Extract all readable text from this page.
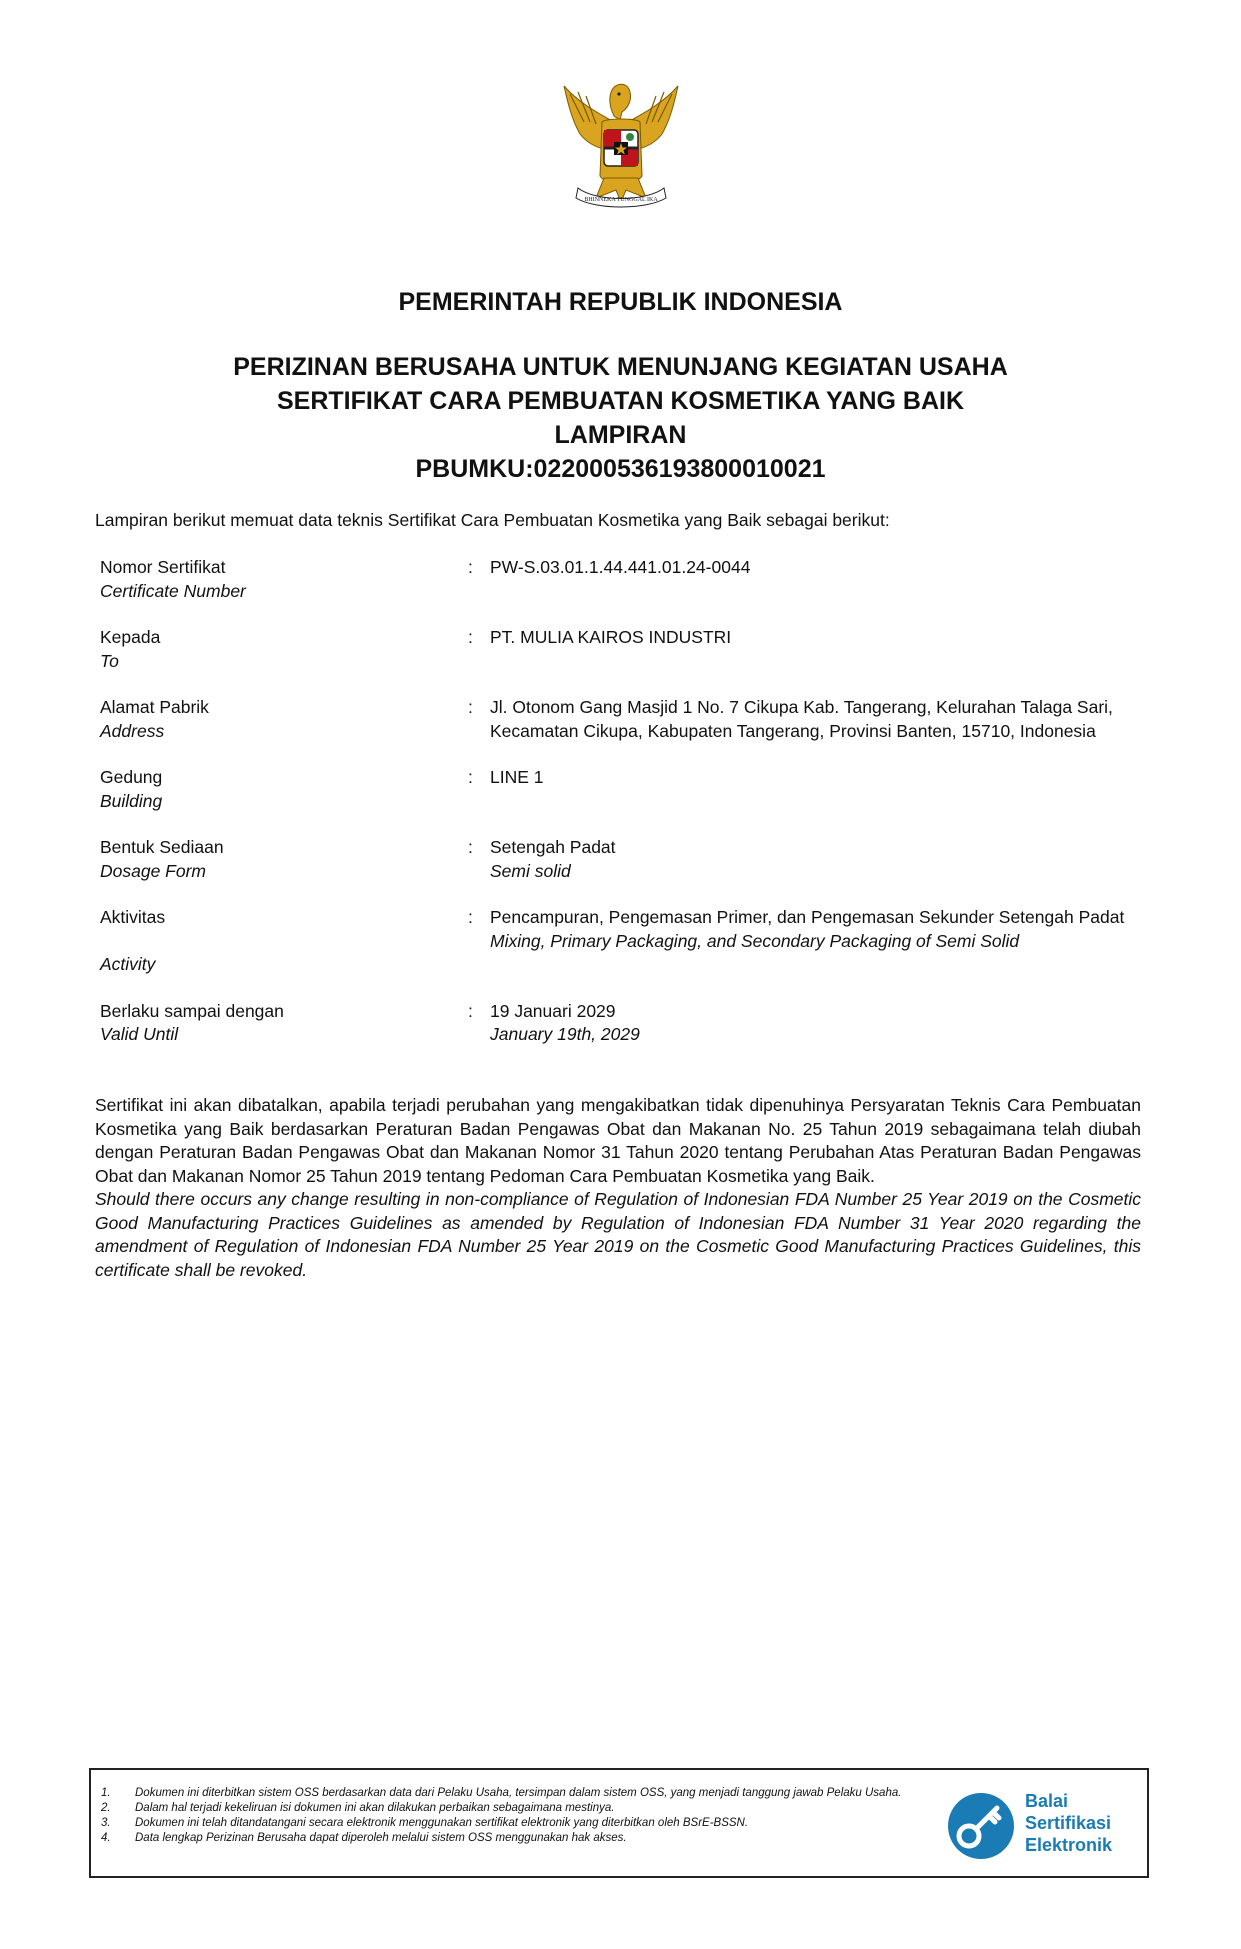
BHINNEKA TUNGGAL IKA
PEMERINTAH REPUBLIK INDONESIA
PERIZINAN BERUSAHA UNTUK MENUNJANG KEGIATAN USAHA
SERTIFIKAT CARA PEMBUATAN KOSMETIKA YANG BAIK
LAMPIRAN
PBUMKU:022000536193800010021
Lampiran berikut memuat data teknis Sertifikat Cara Pembuatan Kosmetika yang Baik sebagai berikut:
Nomor Sertifikat
Certificate Number
: PW-S.03.01.1.44.441.01.24-0044
Kepada
To
: PT. MULIA KAIROS INDUSTRI
Alamat Pabrik
Address
: Jl. Otonom Gang Masjid 1 No. 7 Cikupa Kab. Tangerang, Kelurahan Talaga Sari, Kecamatan Cikupa, Kabupaten Tangerang, Provinsi Banten, 15710, Indonesia
Gedung
Building
: LINE 1
Bentuk Sediaan
Dosage Form
: Setengah Padat
Semi solid
Aktivitas
Activity
: Pencampuran, Pengemasan Primer, dan Pengemasan Sekunder Setengah Padat
Mixing, Primary Packaging, and Secondary Packaging of Semi Solid
Berlaku sampai dengan
Valid Until
: 19 Januari 2029
January 19th, 2029
Sertifikat ini akan dibatalkan, apabila terjadi perubahan yang mengakibatkan tidak dipenuhinya Persyaratan Teknis Cara Pembuatan Kosmetika yang Baik berdasarkan Peraturan Badan Pengawas Obat dan Makanan No. 25 Tahun 2019 sebagaimana telah diubah dengan Peraturan Badan Pengawas Obat dan Makanan Nomor 31 Tahun 2020 tentang Perubahan Atas Peraturan Badan Pengawas Obat dan Makanan Nomor 25 Tahun 2019 tentang Pedoman Cara Pembuatan Kosmetika yang Baik.
Should there occurs any change resulting in non-compliance of Regulation of Indonesian FDA Number 25 Year 2019 on the Cosmetic Good Manufacturing Practices Guidelines as amended by Regulation of Indonesian FDA Number 31 Year 2020 regarding the amendment of Regulation of Indonesian FDA Number 25 Year 2019 on the Cosmetic Good Manufacturing Practices Guidelines, this certificate shall be revoked.
1.	Dokumen ini diterbitkan sistem OSS berdasarkan data dari Pelaku Usaha, tersimpan dalam sistem OSS, yang menjadi tanggung jawab Pelaku Usaha.
2.	Dalam hal terjadi kekeliruan isi dokumen ini akan dilakukan perbaikan sebagaimana mestinya.
3.	Dokumen ini telah ditandatangani secara elektronik menggunakan sertifikat elektronik yang diterbitkan oleh BSrE-BSSN.
4.	Data lengkap Perizinan Berusaha dapat diperoleh melalui sistem OSS menggunakan hak akses.
Balai
Sertifikasi
Elektronik
